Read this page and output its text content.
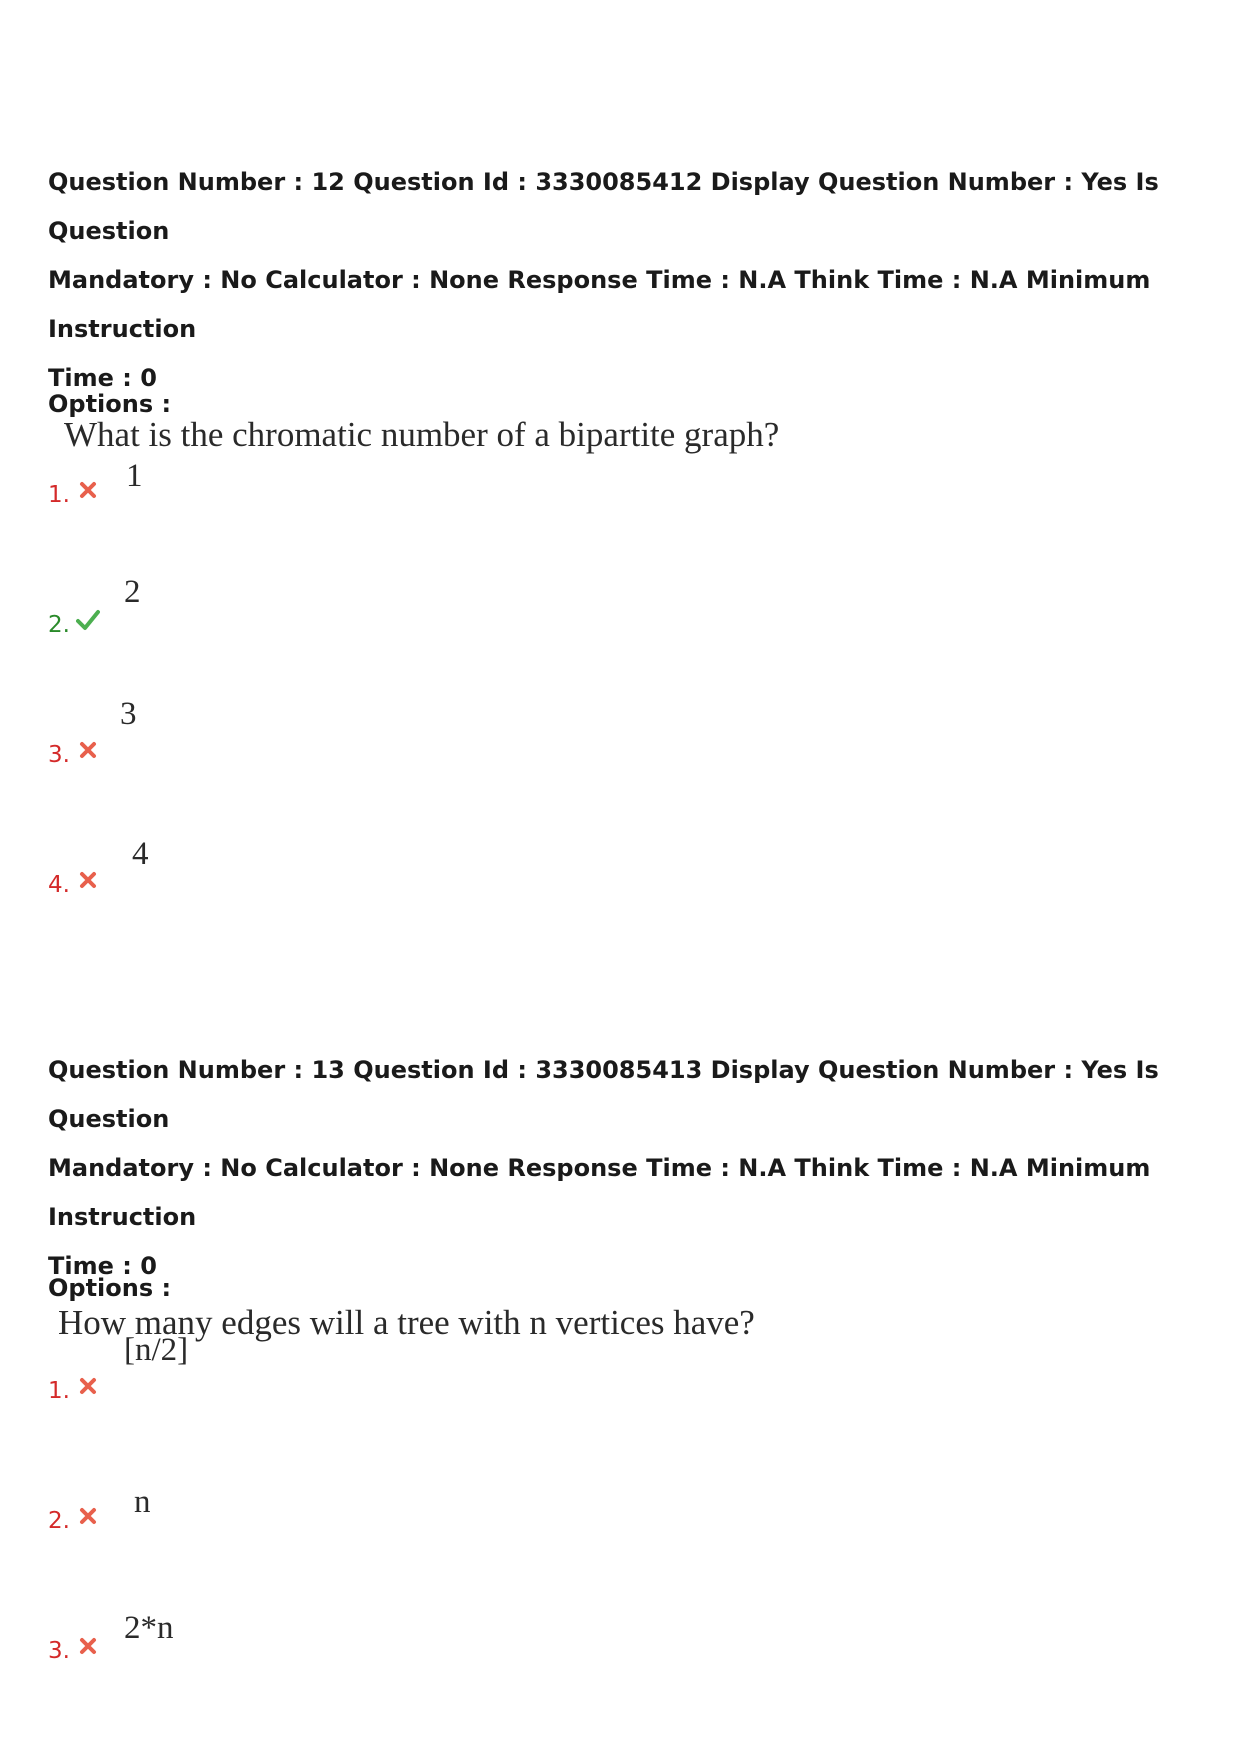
Question Number : 12 Question Id : 3330085412 Display Question Number : Yes Is Question

Mandatory : No Calculator : None Response Time : N.A Think Time : N.A Minimum Instruction

Time : 0

What is the chromatic number of a bipartite graph?

Options :

1.
1
2.
2
3.
3
4.
4

Question Number : 13 Question Id : 3330085413 Display Question Number : Yes Is Question

Mandatory : No Calculator : None Response Time : N.A Think Time : N.A Minimum Instruction

Time : 0

How many edges will a tree with n vertices have?

Options :

1.
[n/2]
2.
n
3.
2*n
